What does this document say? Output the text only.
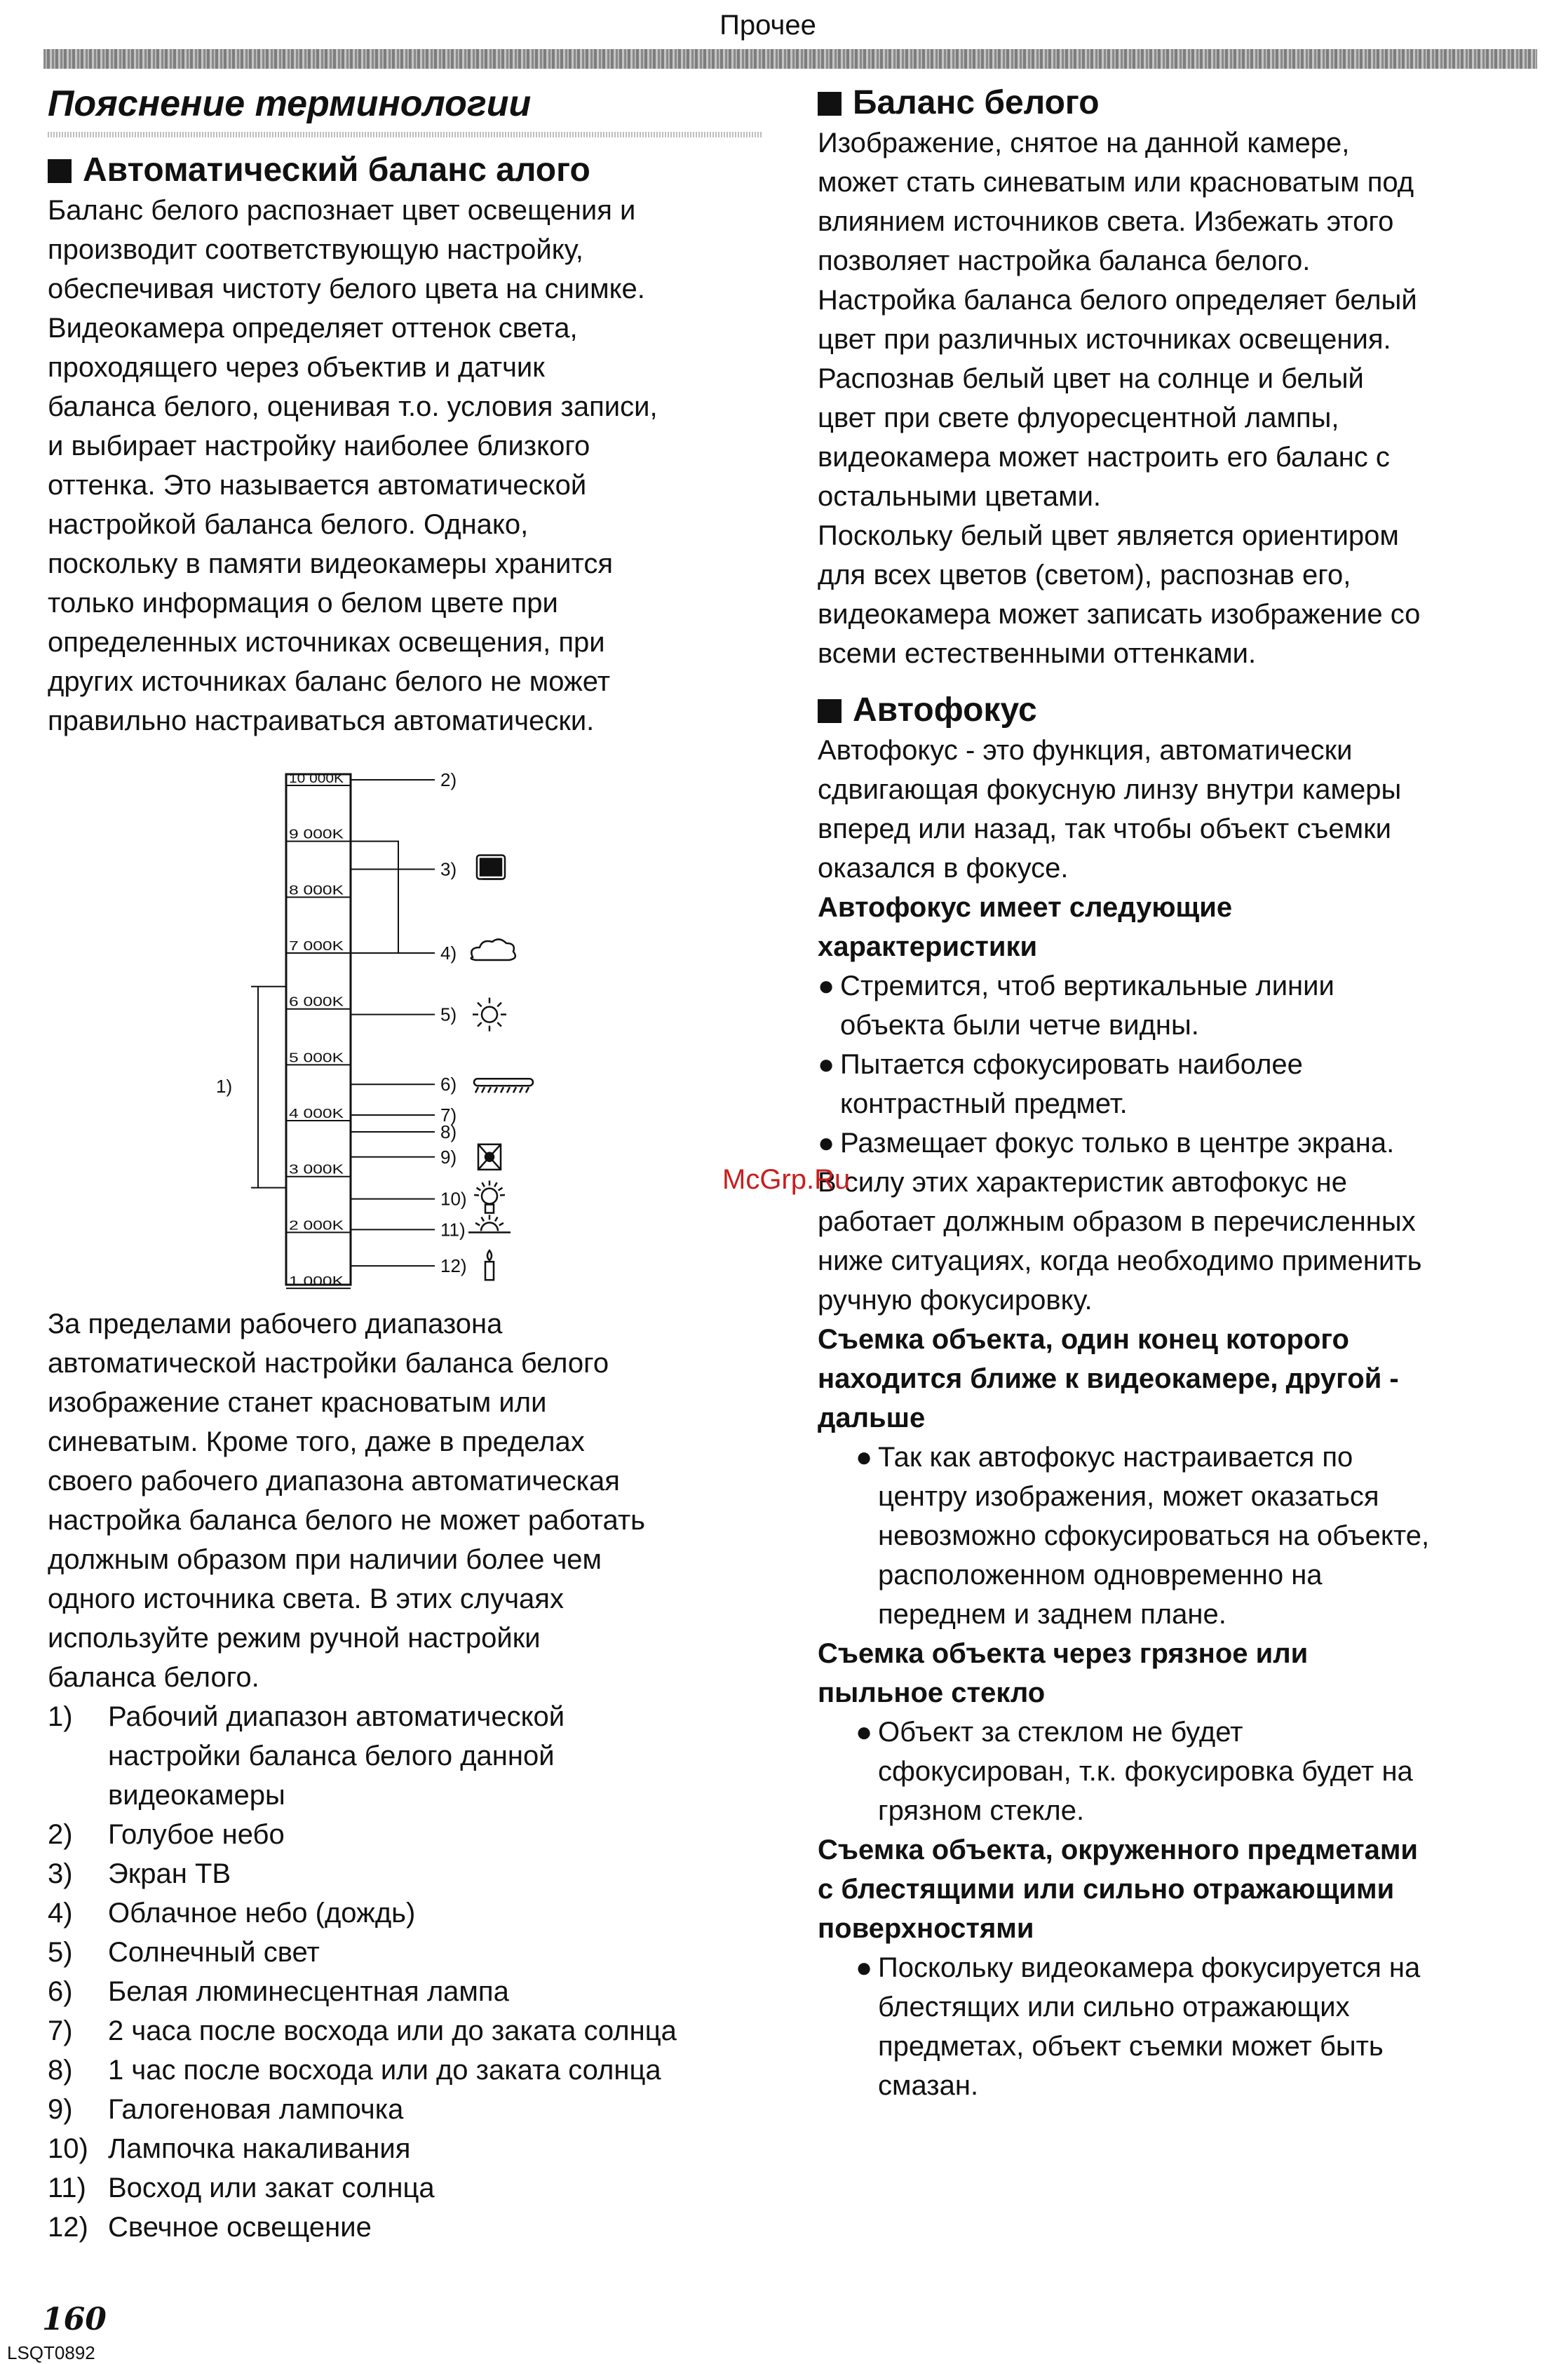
Прочее
Пояснение терминологии
Автоматический баланс алого

Баланс белого распознает цвет освещения и

производит соответствующую настройку,

обеспечивая чистоту белого цвета на снимке.

Видеокамера определяет оттенок света,

проходящего через объектив и датчик

баланса белого, оценивая т.о. условия записи,

и выбирает настройку наиболее близкого

оттенка. Это называется автоматической

настройкой баланса белого. Однако,

поскольку в памяти видеокамеры хранится

только информация о белом цвете при

определенных источниках освещения, при

других источниках баланс белого не может

правильно настраиваться автоматически.

10 000K
9 000K
8 000K
7 000K
6 000K
5 000K
4 000K
3 000K
2 000K
1 000K
1)
2)
3)
4)
5)
6)
7)
8)
9)
10)
11)
12)

За пределами рабочего диапазона

автоматической настройки баланса белого

изображение станет красноватым или

синеватым. Кроме того, даже в пределах

своего рабочего диапазона автоматическая

настройка баланса белого не может работать

должным образом при наличии более чем

одного источника света. В этих случаях

используйте режим ручной настройки

баланса белого.

1)	Рабочий диапазон автоматической
настройки баланса белого данной
видеокамеры
2)	Голубое небо
3)	Экран ТВ
4)	Облачное небо (дождь)
5)	Солнечный свет
6)	Белая люминесцентная лампа
7)	2 часа после восхода или до заката солнца
8)	1 час после восхода или до заката солнца
9)	Галогеновая лампочка
10) Лампочка накаливания
11) Восход или закат солнца
12) Свечное освещение
Баланс белого

Изображение, снятое на данной камере,

может стать синеватым или красноватым под

влиянием источников света. Избежать этого

позволяет настройка баланса белого.

Настройка баланса белого определяет белый

цвет при различных источниках освещения.

Распознав белый цвет на солнце и белый

цвет при свете флуоресцентной лампы,

видеокамера может настроить его баланс с

остальными цветами.

Поскольку белый цвет является ориентиром

для всех цветов (светом), распознав его,

видеокамера может записать изображение со

всеми естественными оттенками.

Автофокус

Автофокус - это функция, автоматически

сдвигающая фокусную линзу внутри камеры

вперед или назад, так чтобы объект съемки

оказался в фокусе.

Автофокус имеет следующие
характеристики

● Стремится, чтоб вертикальные линии
объекта были четче видны.

● Пытается сфокусировать наиболее
контрастный предмет.

● Размещает фокус только в центре экрана.

В силу этих характеристик автофокус не

работает должным образом в перечисленных

ниже ситуациях, когда необходимо применить

ручную фокусировку.

Съемка объекта, один конец которого
находится ближе к видеокамере, другой -
дальше

● Так как автофокус настраивается по
центру изображения, может оказаться
невозможно сфокусироваться на объекте,
расположенном одновременно на
переднем и заднем плане.

Съемка объекта через грязное или
пыльное стекло

● Объект за стеклом не будет
сфокусирован, т.к. фокусировка будет на
грязном стекле.

Съемка объекта, окруженного предметами
с блестящими или сильно отражающими
поверхностями

● Поскольку видеокамера фокусируется на
блестящих или сильно отражающих
предметах, объект съемки может быть
смазан.

McGrp.Ru
160
LSQT0892
